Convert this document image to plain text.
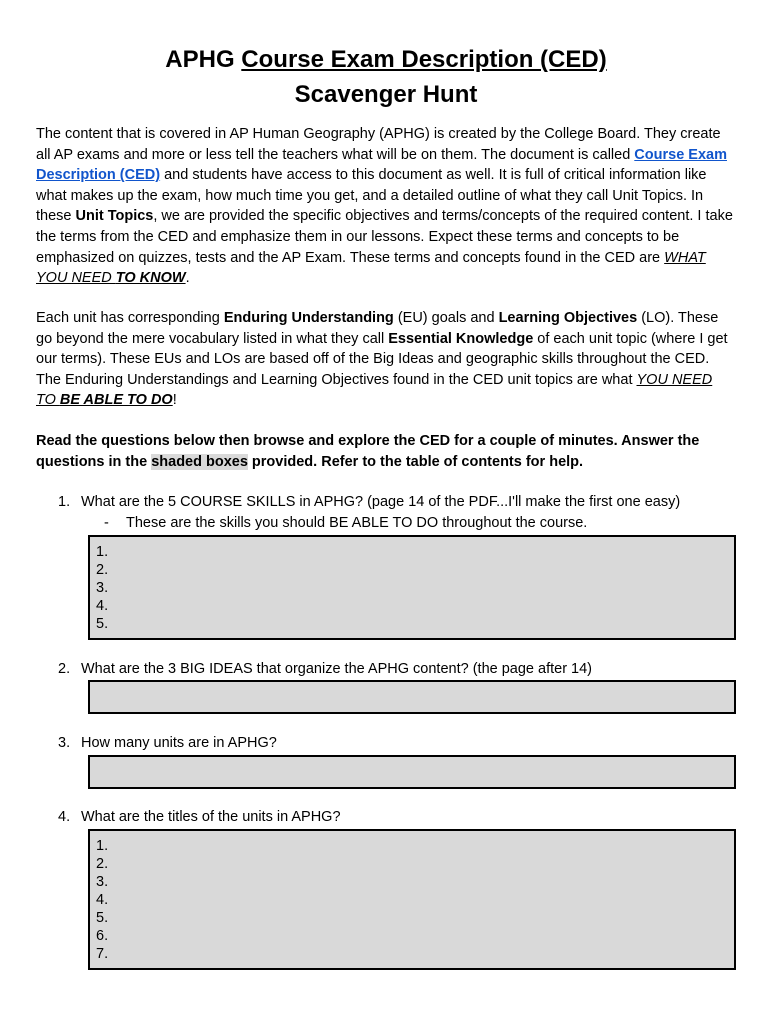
APHG Course Exam Description (CED)
Scavenger Hunt
The content that is covered in AP Human Geography (APHG) is created by the College Board. They create all AP exams and more or less tell the teachers what will be on them. The document is called Course Exam Description (CED) and students have access to this document as well. It is full of critical information like what makes up the exam, how much time you get, and a detailed outline of what they call Unit Topics. In these Unit Topics, we are provided the specific objectives and terms/concepts of the required content. I take the terms from the CED and emphasize them in our lessons. Expect these terms and concepts to be emphasized on quizzes, tests and the AP Exam. These terms and concepts found in the CED are WHAT YOU NEED TO KNOW.
Each unit has corresponding Enduring Understanding (EU) goals and Learning Objectives (LO). These go beyond the mere vocabulary listed in what they call Essential Knowledge of each unit topic (where I get our terms). These EUs and LOs are based off of the Big Ideas and geographic skills throughout the CED. The Enduring Understandings and Learning Objectives found in the CED unit topics are what YOU NEED TO BE ABLE TO DO!
Read the questions below then browse and explore the CED for a couple of minutes. Answer the questions in the shaded boxes provided. Refer to the table of contents for help.
1. What are the 5 COURSE SKILLS in APHG? (page 14 of the PDF...I'll make the first one easy)
- These are the skills you should BE ABLE TO DO throughout the course.
1.
2.
3.
4.
5.
2. What are the 3 BIG IDEAS that organize the APHG content? (the page after 14)
3. How many units are in APHG?
4. What are the titles of the units in APHG?
1.
2.
3.
4.
5.
6.
7.
